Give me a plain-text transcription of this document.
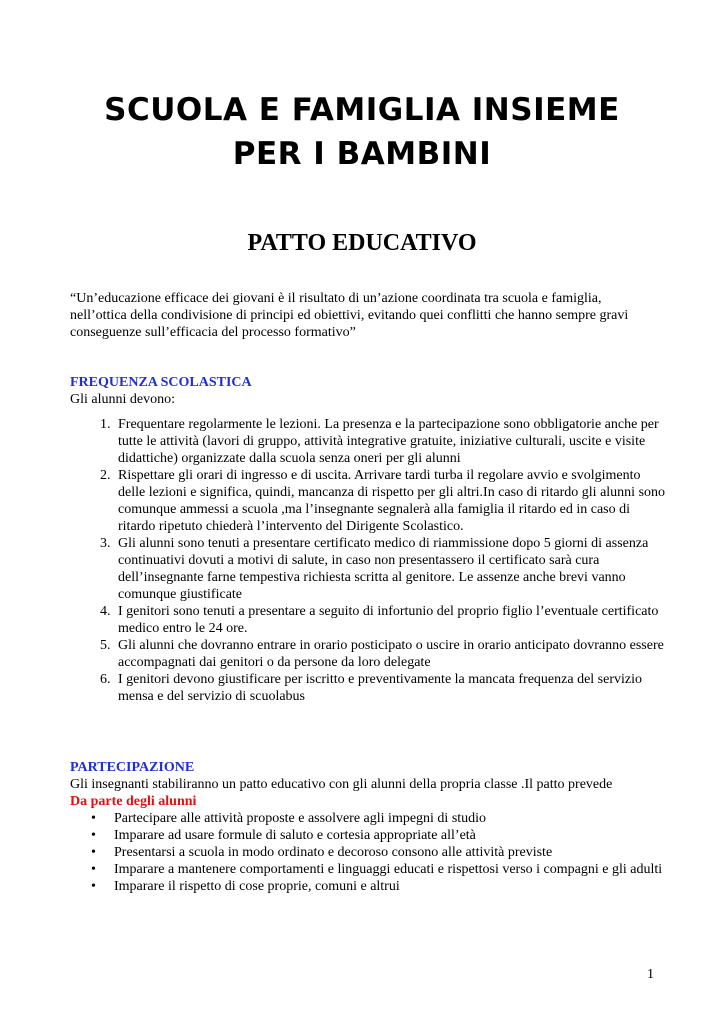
SCUOLA E FAMIGLIA INSIEME
PER I BAMBINI
PATTO EDUCATIVO
“Un’educazione efficace dei giovani è il risultato di un’azione coordinata tra scuola e famiglia, nell’ottica della condivisione di principi ed obiettivi, evitando quei conflitti che hanno sempre gravi conseguenze sull’efficacia del processo formativo”
FREQUENZA SCOLASTICA
Gli alunni devono:
1. Frequentare regolarmente le lezioni. La presenza e la partecipazione sono obbligatorie anche per tutte le attività (lavori di gruppo, attività integrative gratuite, iniziative culturali, uscite e visite didattiche) organizzate dalla scuola senza oneri per gli alunni
2. Rispettare gli orari di ingresso e di uscita. Arrivare tardi turba il regolare avvio e svolgimento delle lezioni e significa, quindi, mancanza di rispetto per gli altri.In caso di ritardo gli alunni sono comunque ammessi a scuola ,ma l’insegnante segnalerà alla famiglia il ritardo ed in caso di ritardo ripetuto chiederà l’intervento del Dirigente Scolastico.
3. Gli alunni sono tenuti a presentare certificato medico di riammissione dopo 5 giorni di assenza continuativi dovuti a motivi di salute, in caso non presentassero il certificato sarà cura dell’insegnante farne tempestiva richiesta scritta al genitore. Le assenze anche brevi vanno comunque giustificate
4. I genitori sono tenuti a presentare a seguito di infortunio del proprio figlio l’eventuale certificato medico entro le 24 ore.
5. Gli alunni che dovranno entrare in orario posticipato o uscire in orario anticipato dovranno essere accompagnati dai genitori o da persone da loro delegate
6. I genitori devono giustificare per iscritto e preventivamente la mancata frequenza del servizio mensa e del servizio di scuolabus
PARTECIPAZIONE
Gli insegnanti stabiliranno un patto educativo con gli alunni della propria classe .Il patto prevede
Da parte degli alunni
• Partecipare alle attività proposte e assolvere agli impegni di studio
• Imparare ad usare formule di saluto e cortesia appropriate all’età
• Presentarsi a scuola in modo ordinato e decoroso consono alle attività previste
• Imparare a mantenere comportamenti e linguaggi educati e rispettosi verso i compagni e gli adulti
• Imparare il rispetto di cose proprie, comuni e altrui
1
